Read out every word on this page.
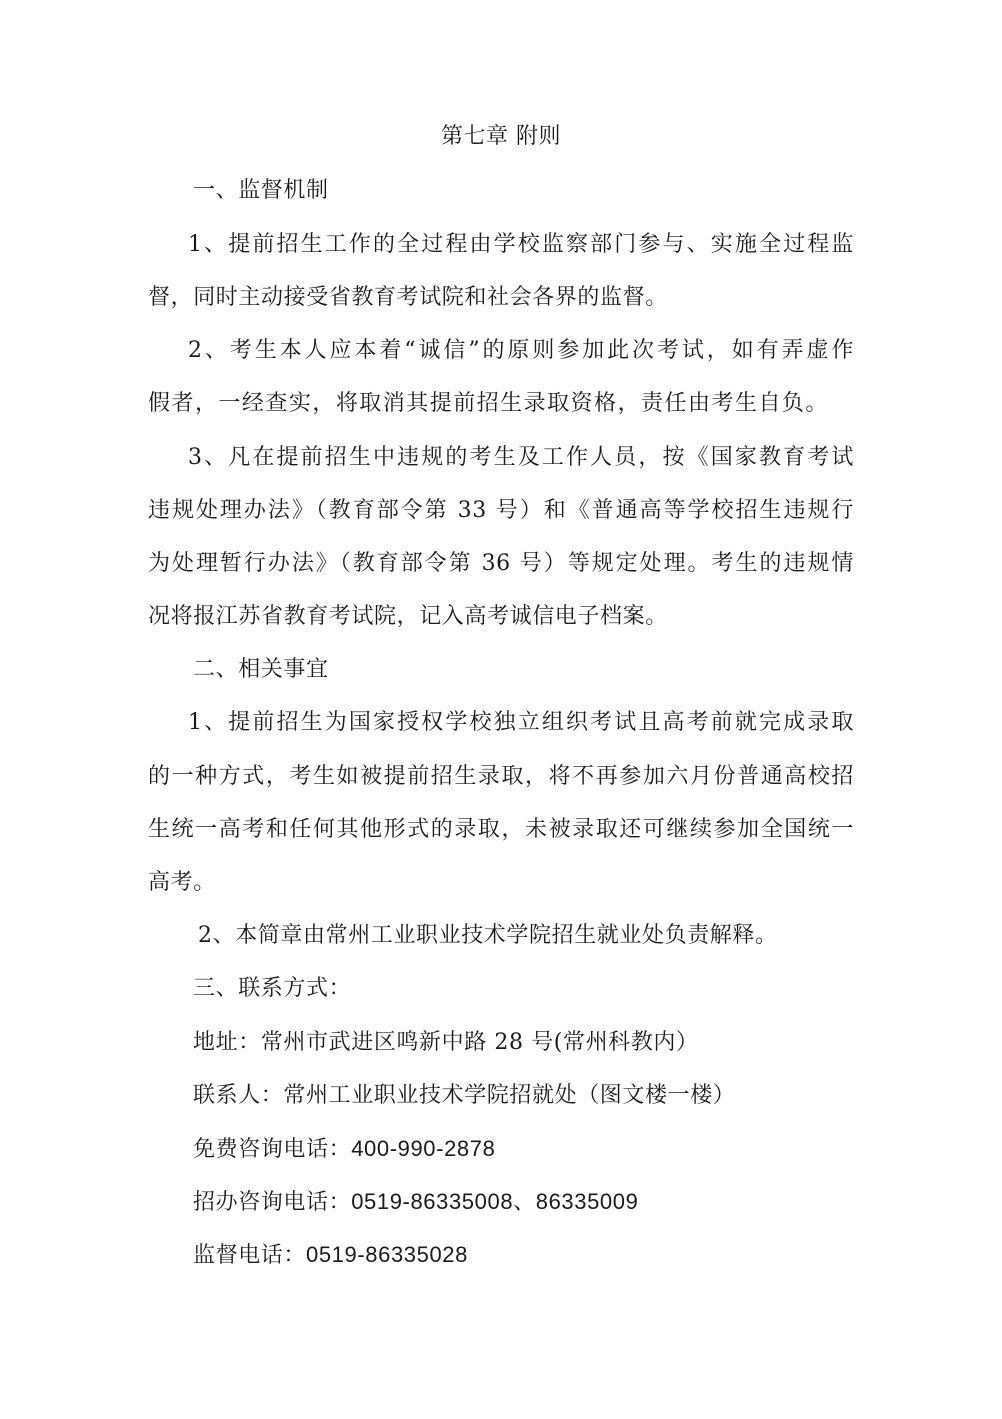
第七章 附则
一、监督机制
1、提前招生工作的全过程由学校监察部门参与、实施全过程监
督，同时主动接受省教育考试院和社会各界的监督。
2、考生本人应本着“诚信”的原则参加此次考试，如有弄虚作
假者，一经查实，将取消其提前招生录取资格，责任由考生自负。
3、凡在提前招生中违规的考生及工作人员，按《国家教育考试
违规处理办法》（教育部令第 33 号）和《普通高等学校招生违规行
为处理暂行办法》（教育部令第 36 号）等规定处理。考生的违规情
况将报江苏省教育考试院，记入高考诚信电子档案。
二、相关事宜
1、提前招生为国家授权学校独立组织考试且高考前就完成录取
的一种方式，考生如被提前招生录取，将不再参加六月份普通高校招
生统一高考和任何其他形式的录取，未被录取还可继续参加全国统一
高考。
2、本简章由常州工业职业技术学院招生就业处负责解释。
三、联系方式：
地址：常州市武进区鸣新中路 28 号(常州科教内）
联系人：常州工业职业技术学院招就处（图文楼一楼）
免费咨询电话：400-990-2878
招办咨询电话：0519-86335008、86335009
监督电话：0519-86335028
